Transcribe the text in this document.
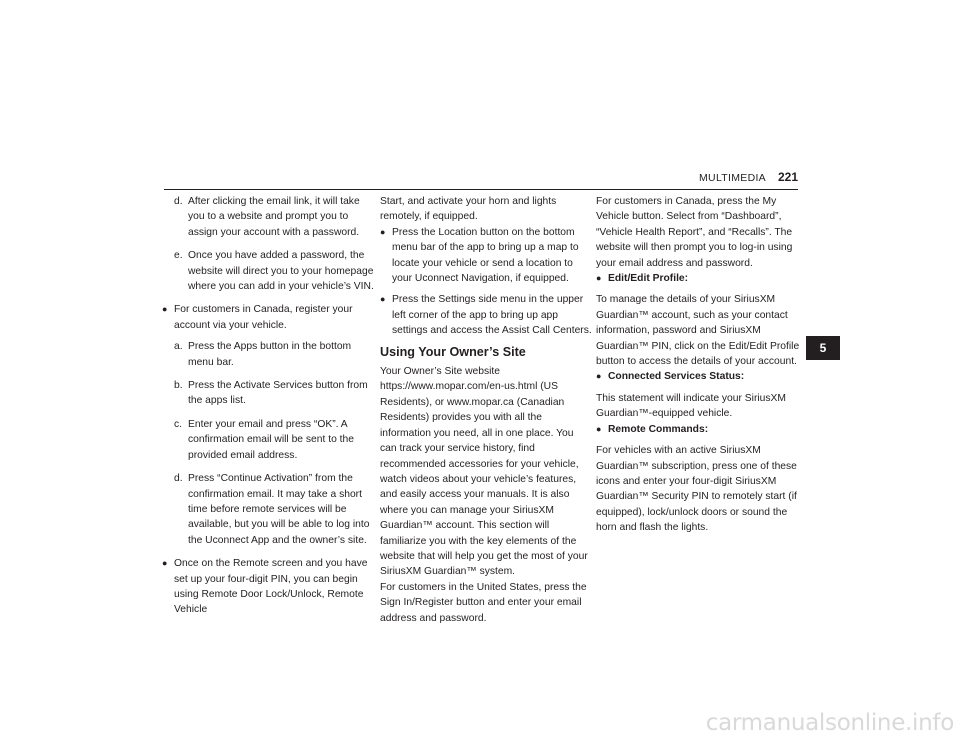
MULTIMEDIA 221
d. After clicking the email link, it will take you to a website and prompt you to assign your account with a password.
e. Once you have added a password, the website will direct you to your homepage where you can add in your vehicle’s VIN.
● For customers in Canada, register your account via your vehicle.
a. Press the Apps button in the bottom menu bar.
b. Press the Activate Services button from the apps list.
c. Enter your email and press “OK”. A confirmation email will be sent to the provided email address.
d. Press “Continue Activation” from the confirmation email. It may take a short time before remote services will be available, but you will be able to log into the Uconnect App and the owner’s site.
● Once on the Remote screen and you have set up your four-digit PIN, you can begin using Remote Door Lock/Unlock, Remote Vehicle

Start, and activate your horn and lights remotely, if equipped.

● Press the Location button on the bottom menu bar of the app to bring up a map to locate your vehicle or send a location to your Uconnect Navigation, if equipped.
● Press the Settings side menu in the upper left corner of the app to bring up app settings and access the Assist Call Centers.
Using Your Owner’s Site

Your Owner’s Site website https://www.mopar.com/en-us.html (US Residents), or www.mopar.ca (Canadian Residents) provides you with all the information you need, all in one place. You can track your service history, find recommended accessories for your vehicle, watch videos about your vehicle’s features, and easily access your manuals. It is also where you can manage your SiriusXM Guardian™ account. This section will familiarize you with the key elements of the website that will help you get the most of your SiriusXM Guardian™ system.

For customers in the United States, press the Sign In/Register button and enter your email address and password.

For customers in Canada, press the My Vehicle button. Select from “Dashboard”, “Vehicle Health Report”, and “Recalls”. The website will then prompt you to log-in using your email address and password.

● Edit/Edit Profile:

To manage the details of your SiriusXM Guardian™ account, such as your contact information, password and SiriusXM Guardian™ PIN, click on the Edit/Edit Profile button to access the details of your account.

● Connected Services Status:

This statement will indicate your SiriusXM Guardian™-equipped vehicle.

● Remote Commands:

For vehicles with an active SiriusXM Guardian™ subscription, press one of these icons and enter your four-digit SiriusXM Guardian™ Security PIN to remotely start (if equipped), lock/unlock doors or sound the horn and flash the lights.

5
carmanualsonline.info
